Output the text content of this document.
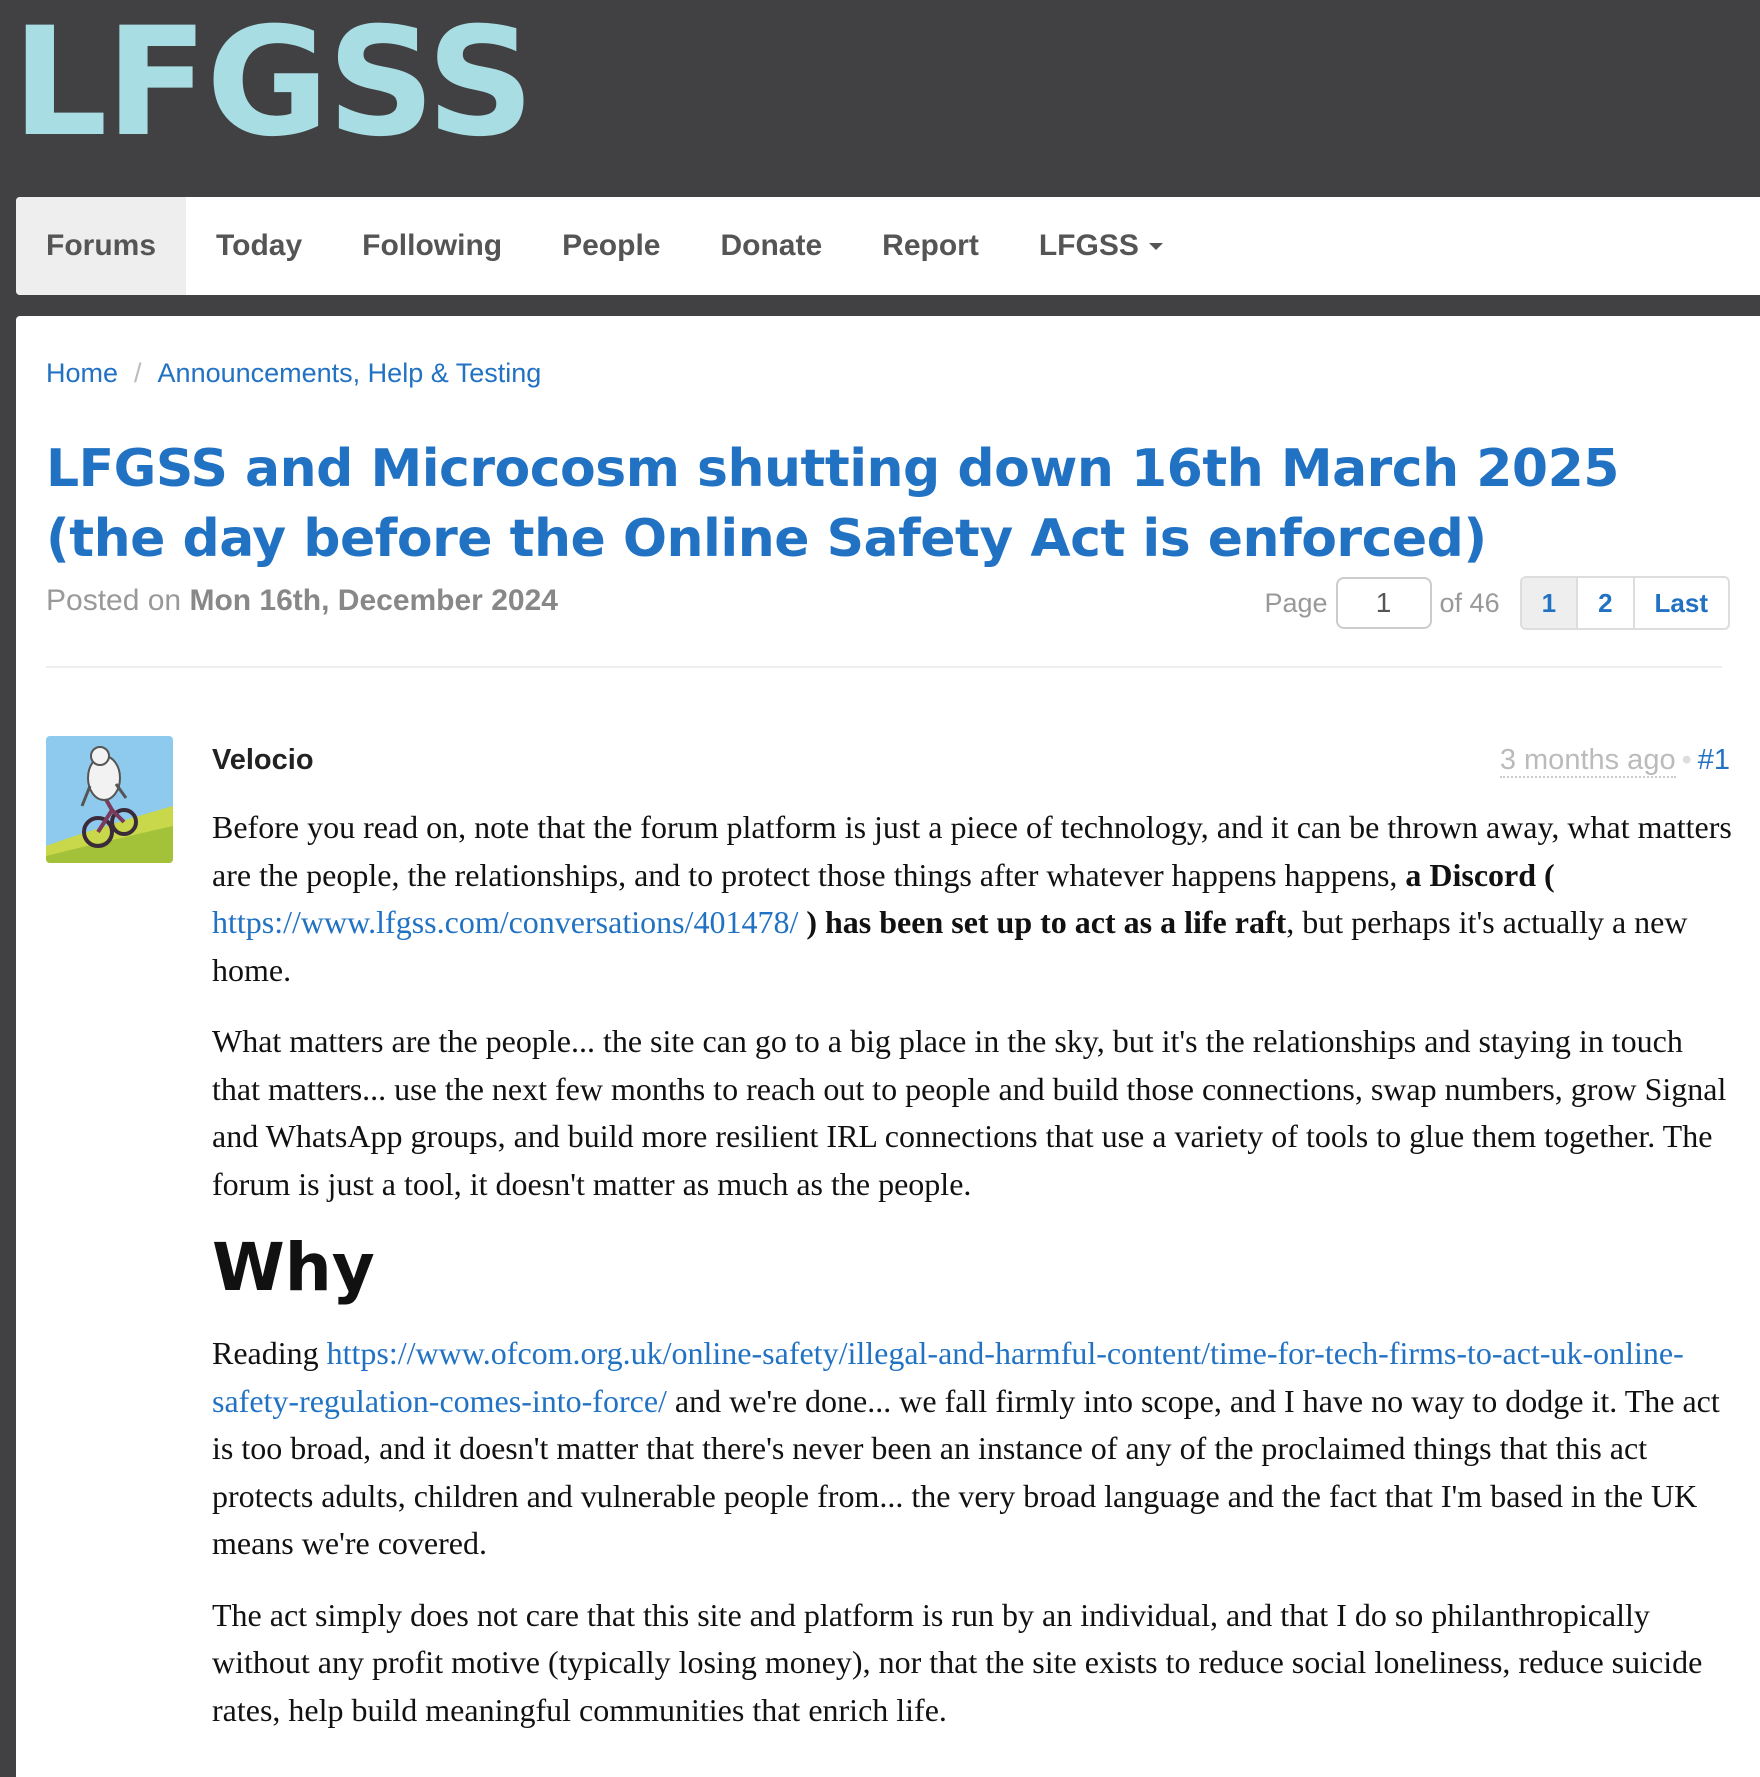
LFGSS
Forums	Today	Following	People	Donate	Report	LFGSS
Home / Announcements, Help & Testing
LFGSS and Microcosm shutting down 16th March 2025 (the day before the Online Safety Act is enforced)
Posted on Mon 16th, December 2024	Page
1	of 46	1	2	Last
Velocio	3 months ago • #1

Before you read on, note that the forum platform is just a piece of technology, and it can be thrown away, what matters are the people, the relationships, and to protect those things after whatever happens happens, a Discord ( https://www.lfgss.com/conversations/401478/ ) has been set up to act as a life raft, but perhaps it's actually a new home.

What matters are the people... the site can go to a big place in the sky, but it's the relationships and staying in touch that matters... use the next few months to reach out to people and build those connections, swap numbers, grow Signal and WhatsApp groups, and build more resilient IRL connections that use a variety of tools to glue them together. The forum is just a tool, it doesn't matter as much as the people.

Why

Reading https://www.ofcom.org.uk/online-safety/illegal-and-harmful-content/time-for-tech-firms-to-act-uk-online-safety-regulation-comes-into-force/ and we're done... we fall firmly into scope, and I have no way to dodge it. The act is too broad, and it doesn't matter that there's never been an instance of any of the proclaimed things that this act protects adults, children and vulnerable people from... the very broad language and the fact that I'm based in the UK means we're covered.

The act simply does not care that this site and platform is run by an individual, and that I do so philanthropically without any profit motive (typically losing money), nor that the site exists to reduce social loneliness, reduce suicide rates, help build meaningful communities that enrich life.
